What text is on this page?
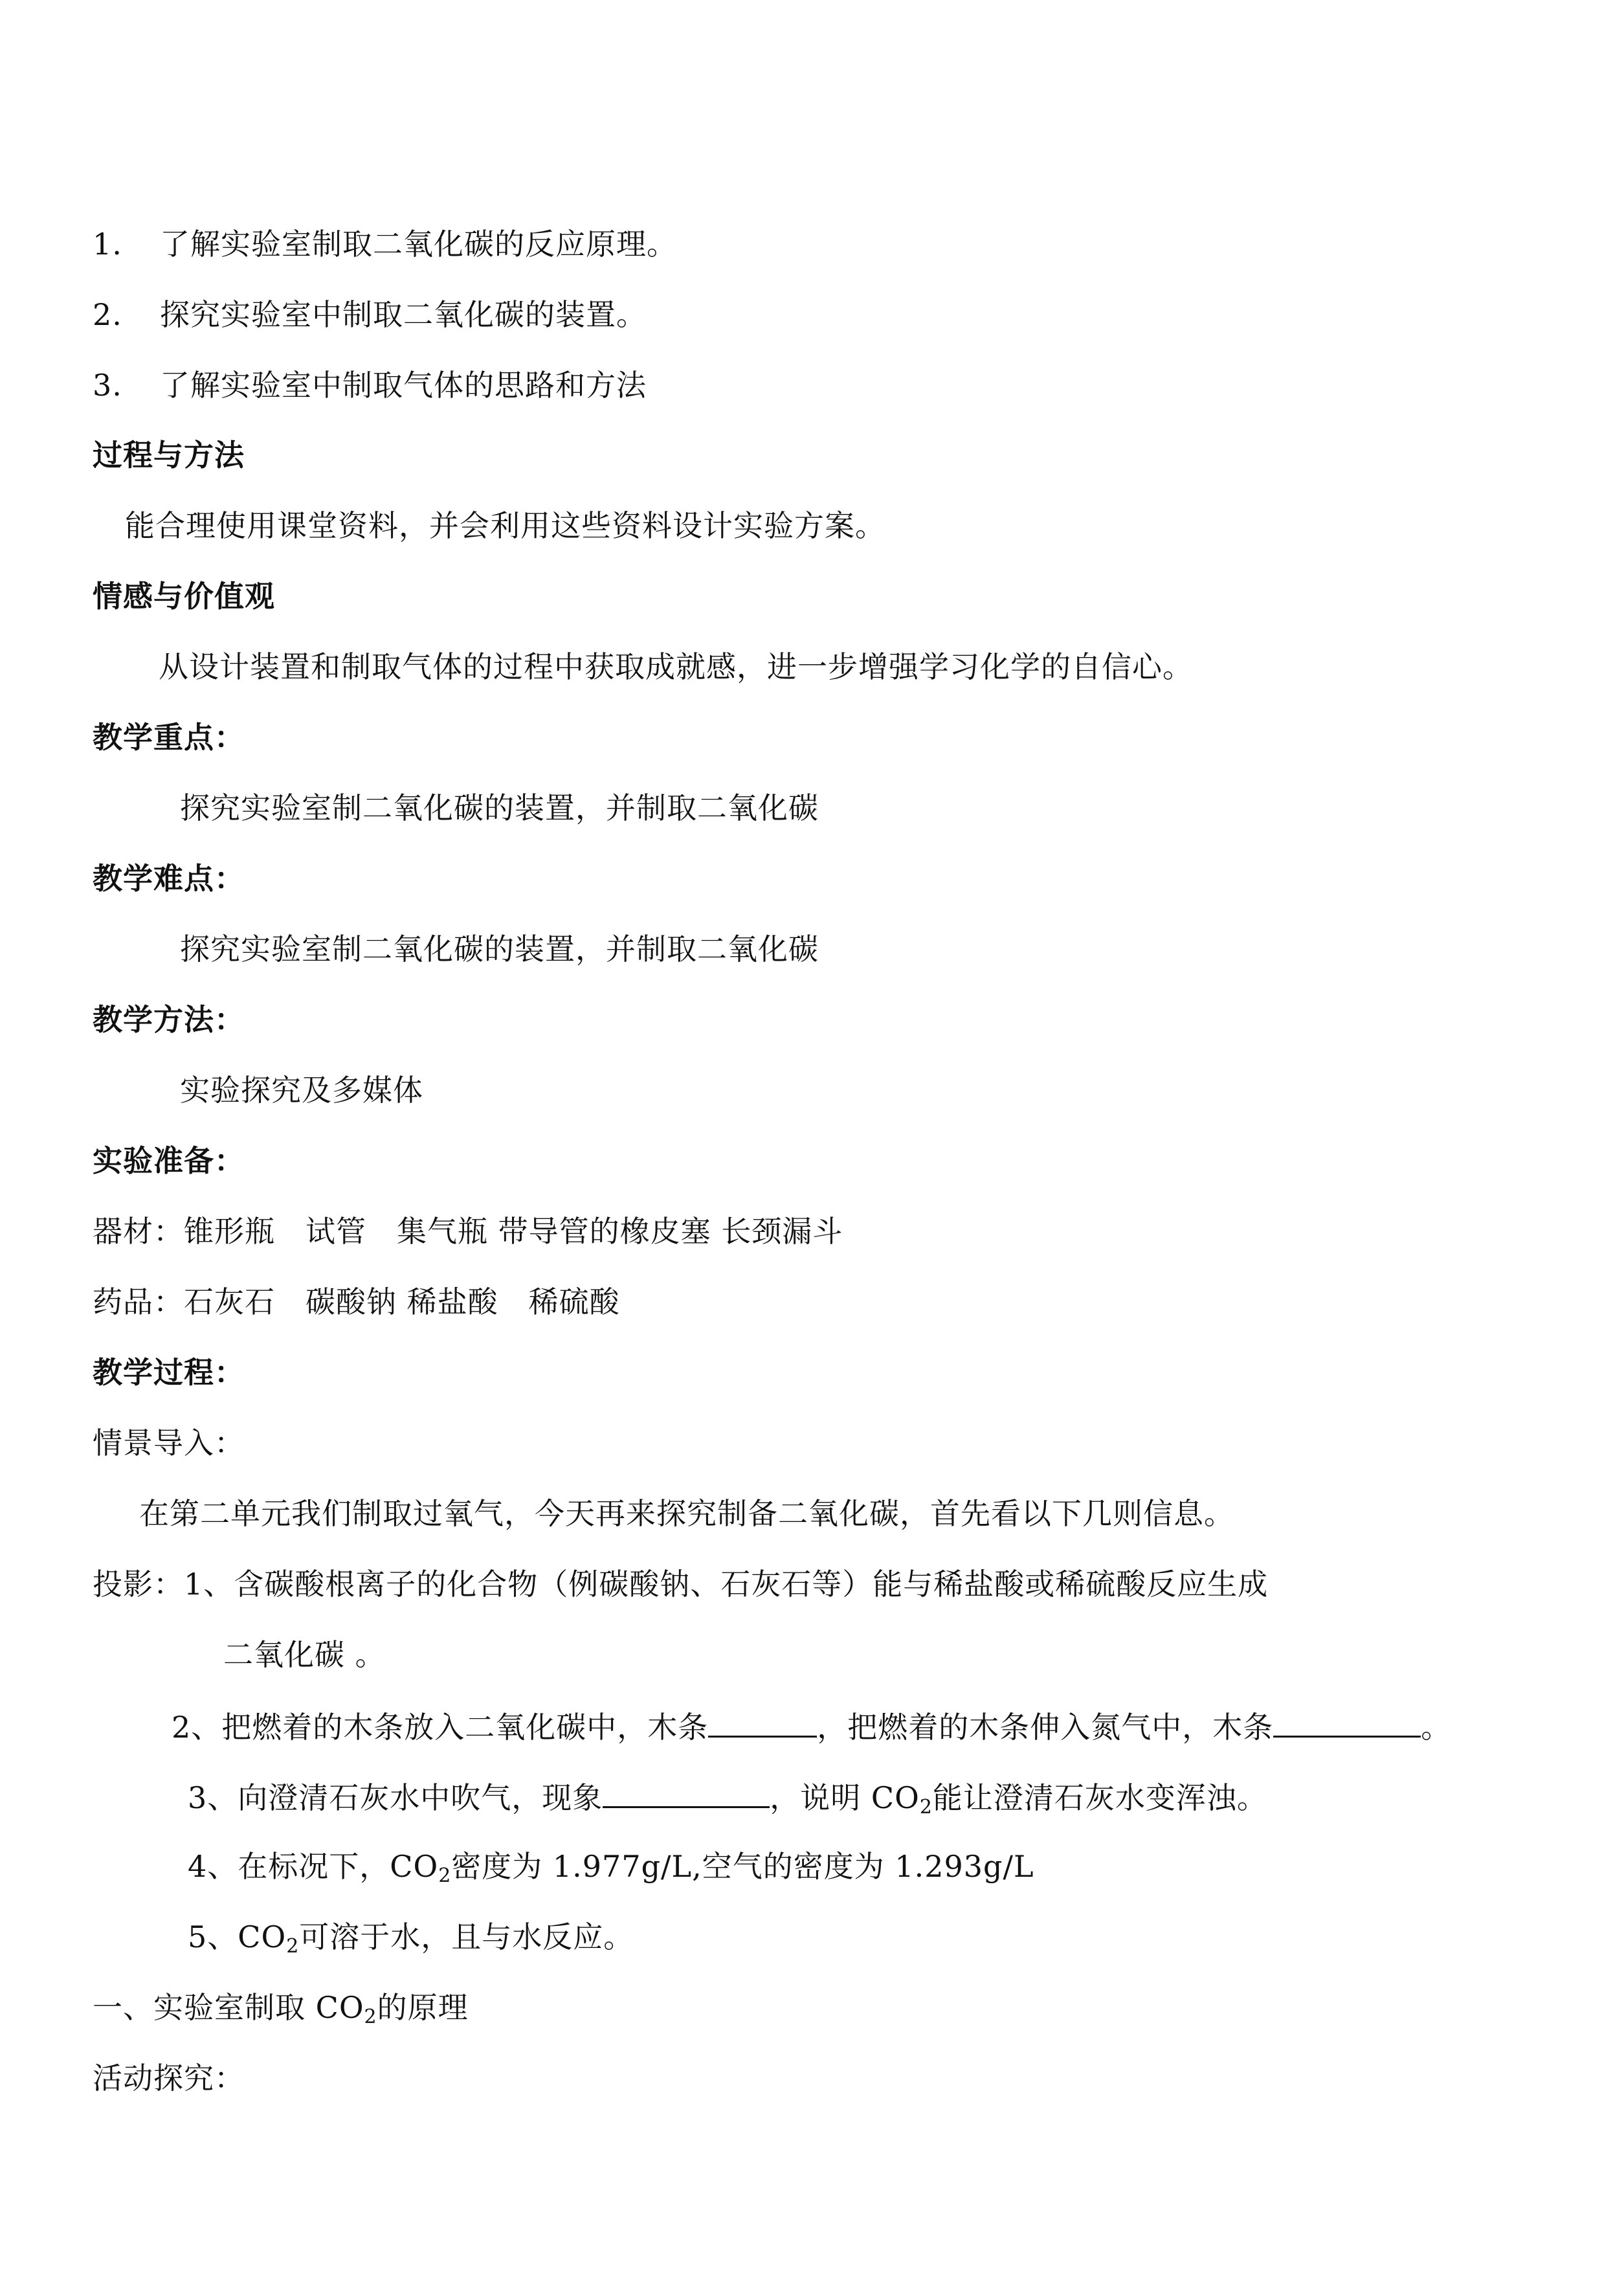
1. 了解实验室制取二氧化碳的反应原理。
2. 探究实验室中制取二氧化碳的装置。
3. 了解实验室中制取气体的思路和方法
过程与方法
能合理使用课堂资料，并会利用这些资料设计实验方案。
情感与价值观
从设计装置和制取气体的过程中获取成就感，进一步增强学习化学的自信心。
教学重点：
探究实验室制二氧化碳的装置，并制取二氧化碳
教学难点：
探究实验室制二氧化碳的装置，并制取二氧化碳
教学方法：
实验探究及多媒体
实验准备：
器材：锥形瓶　试管　集气瓶 带导管的橡皮塞 长颈漏斗
药品：石灰石　碳酸钠 稀盐酸　稀硫酸
教学过程：
情景导入：
在第二单元我们制取过氧气，今天再来探究制备二氧化碳，首先看以下几则信息。
投影：1、含碳酸根离子的化合物（例碳酸钠、石灰石等）能与稀盐酸或稀硫酸反应生成
二氧化碳 。
2、把燃着的木条放入二氧化碳中，木条	，把燃着的木条伸入氮气中，木条	。
3、向澄清石灰水中吹气，现象	，说明 $CO_2$能让澄清石灰水变浑浊。
4、在标况下，$CO_2$密度为 1.977g/L,空气的密度为 1.293g/L
5、$CO_2$可溶于水，且与水反应。
一、实验室制取 $CO_2$的原理
活动探究：
